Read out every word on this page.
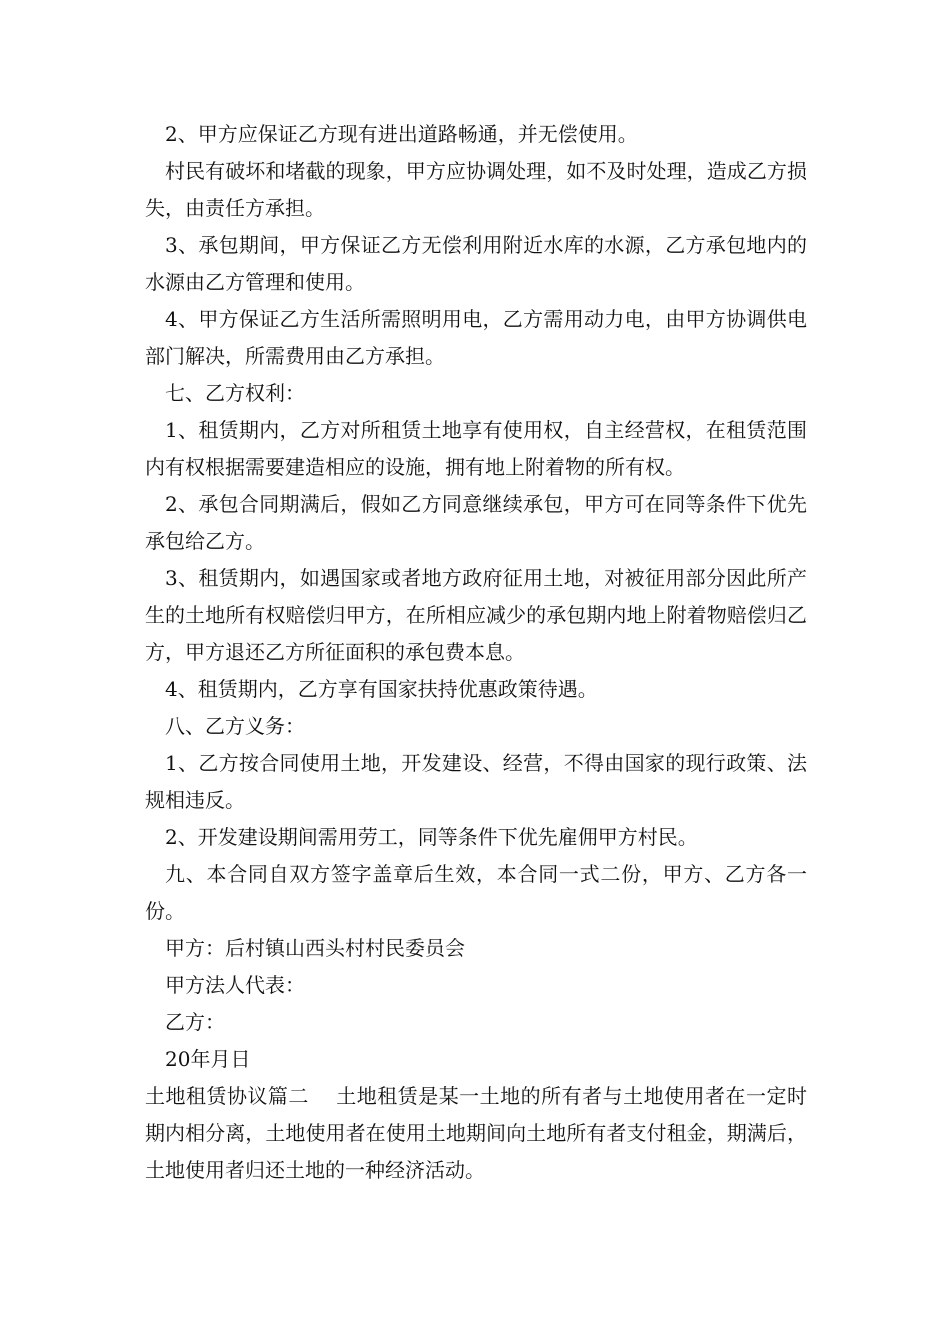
2、甲方应保证乙方现有进出道路畅通，并无偿使用。

村民有破坏和堵截的现象，甲方应协调处理，如不及时处理，造成乙方损失，由责任方承担。

3、承包期间，甲方保证乙方无偿利用附近水库的水源，乙方承包地内的水源由乙方管理和使用。

4、甲方保证乙方生活所需照明用电，乙方需用动力电，由甲方协调供电部门解决，所需费用由乙方承担。

七、乙方权利：

1、租赁期内，乙方对所租赁土地享有使用权，自主经营权，在租赁范围内有权根据需要建造相应的设施，拥有地上附着物的所有权。

2、承包合同期满后，假如乙方同意继续承包，甲方可在同等条件下优先承包给乙方。

3、租赁期内，如遇国家或者地方政府征用土地，对被征用部分因此所产生的土地所有权赔偿归甲方，在所相应减少的承包期内地上附着物赔偿归乙方，甲方退还乙方所征面积的承包费本息。

4、租赁期内，乙方享有国家扶持优惠政策待遇。

八、乙方义务：

1、乙方按合同使用土地，开发建设、经营，不得由国家的现行政策、法规相违反。

2、开发建设期间需用劳工，同等条件下优先雇佣甲方村民。

九、本合同自双方签字盖章后生效，本合同一式二份，甲方、乙方各一份。

甲方：后村镇山西头村村民委员会

甲方法人代表：

乙方：

20年月日

土地租赁协议篇二　 土地租赁是某一土地的所有者与土地使用者在一定时期内相分离，土地使用者在使用土地期间向土地所有者支付租金，期满后，土地使用者归还土地的一种经济活动。
